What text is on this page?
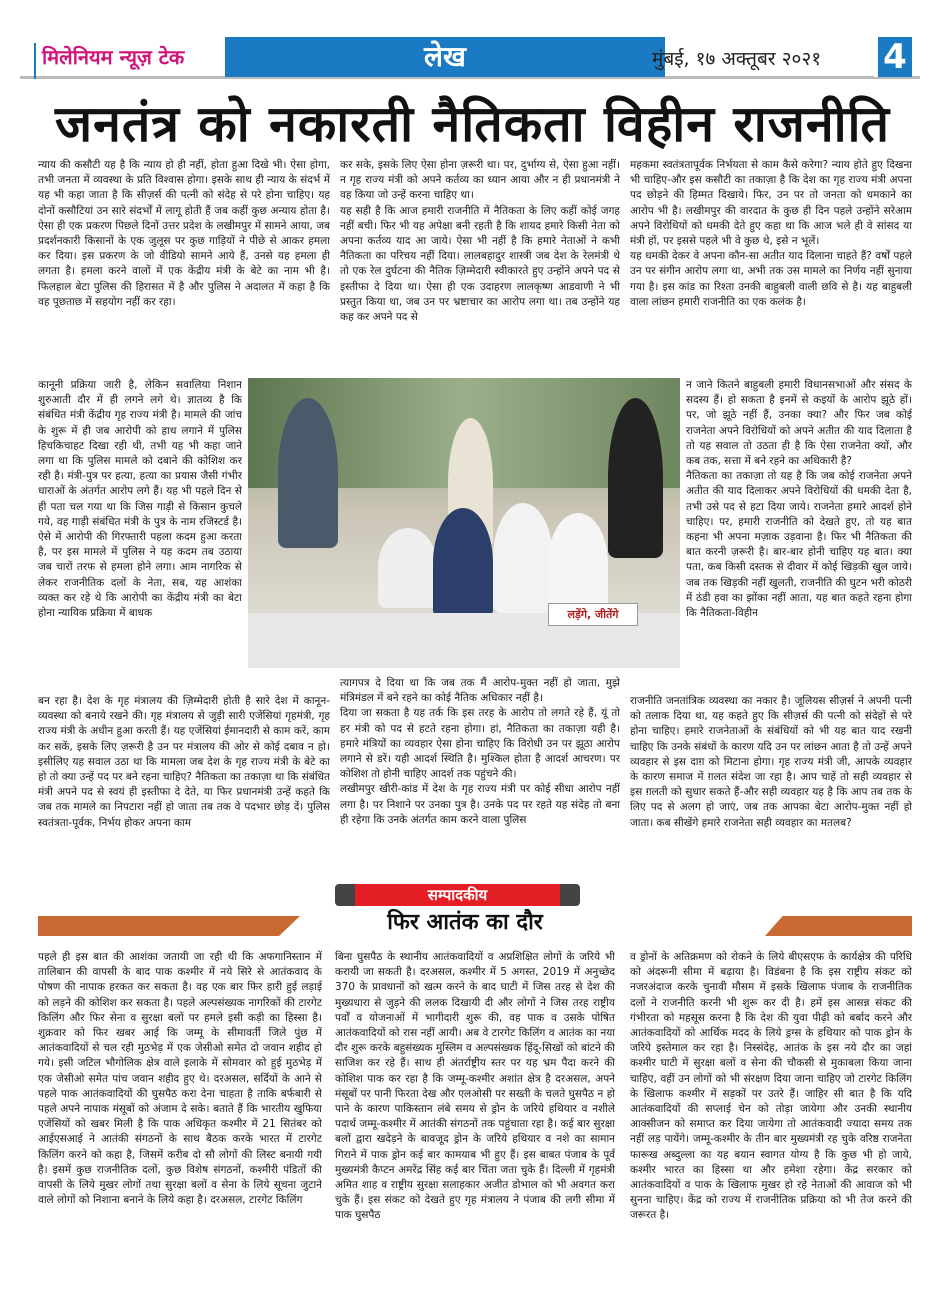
मिलेनियम न्यूज़ टेक	लेख	मुंबई, १७ अक्तूबर २०२१ 4
जनतंत्र को नकारती नैतिकता विहीन राजनीति

न्याय की कसौटी यह है कि न्याय हो ही नहीं, होता हुआ दिखे भी। ऐसा होगा, तभी जनता में व्यवस्था के प्रति विश्वास होगा। इसके साथ ही न्याय के संदर्भ में यह भी कहा जाता है कि सीज़र्स की पत्नी को संदेह से परे होना चाहिए। यह दोनों कसौटियां उन सारे संदर्भों में लागू होती हैं जब कहीं कुछ अन्याय होता है। ऐसा ही एक प्रकरण पिछले दिनों उत्तर प्रदेश के लखीमपुर में सामने आया, जब प्रदर्शनकारी किसानों के एक जुलूस पर कुछ गाड़ियों ने पीछे से आकर हमला कर दिया। इस प्रकरण के जो वीडियो सामने आये हैं, उनसे यह हमला ही लगता है। हमला करने वालों में एक केंद्रीय मंत्री के बेटे का नाम भी है। फिलहाल बेटा पुलिस की हिरासत में है और पुलिस ने अदालत में कहा है कि वह पूछताछ में सहयोग नहीं कर रहा।

कानूनी प्रक्रिया जारी है, लेकिन सवालिया निशान शुरुआती दौर में ही लगने लगे थे। ज्ञातव्य है कि संबंधित मंत्री केंद्रीय गृह राज्य मंत्री है। मामले की जांच के शुरू में ही जब आरोपी को हाथ लगाने में पुलिस हिचकिचाहट दिखा रही थी, तभी यह भी कहा जाने लगा था कि पुलिस मामले को दबाने की कोशिश कर रही है। मंत्री-पुत्र पर हत्या, हत्या का प्रयास जैसी गंभीर धाराओं के अंतर्गत आरोप लगे हैं। यह भी पहले दिन से ही पता चल गया था कि जिस गाड़ी से किसान कुचले गये, वह गाड़ी संबंधित मंत्री के पुत्र के नाम रजिस्टर्ड है। ऐसे में आरोपी की गिरफ्तारी पहला कदम हुआ करता है, पर इस मामले में पुलिस ने यह कदम तब उठाया जब चारों तरफ से हमला होने लगा। आम नागरिक से लेकर राजनीतिक दलों के नेता, सब, यह आशंका व्यक्त कर रहे थे कि आरोपी का केंद्रीय मंत्री का बेटा होना न्यायिक प्रक्रिया में बाधक

बन रहा है। देश के गृह मंत्रालय की ज़िम्मेदारी होती है सारे देश में कानून-व्यवस्था को बनाये रखने की। गृह मंत्रालय से जुड़ी सारी एजेंसियां गृहमंत्री, गृह राज्य मंत्री के अधीन हुआ करती हैं। यह एजेंसियां ईमानदारी से काम करें, काम कर सकें, इसके लिए ज़रूरी है उन पर मंत्रालय की ओर से कोई दबाव न हो। इसीलिए यह सवाल उठा था कि मामला जब देश के गृह राज्य मंत्री के बेटे का हो तो क्या उन्हें पद पर बने रहना चाहिए? नैतिकता का तकाज़ा था कि संबंधित मंत्री अपने पद से स्वयं ही इस्तीफा दे देते, या फिर प्रधानमंत्री उन्हें कहते कि जब तक मामले का निपटारा नहीं हो जाता तब तक वे पदभार छोड़ दें। पुलिस स्वतंत्रता-पूर्वक, निर्भय होकर अपना काम

कर सके, इसके लिए ऐसा होना ज़रूरी था। पर, दुर्भाग्य से, ऐसा हुआ नहीं। न गृह राज्य मंत्री को अपने कर्तव्य का ध्यान आया और न ही प्रधानमंत्री ने वह किया जो उन्हें करना चाहिए था।

यह सही है कि आज हमारी राजनीति में नैतिकता के लिए कहीं कोई जगह नहीं बची। फिर भी यह अपेक्षा बनी रहती है कि शायद हमारे किसी नेता को अपना कर्तव्य याद आ जाये। ऐसा भी नहीं है कि हमारे नेताओं ने कभी नैतिकता का परिचय नहीं दिया। लालबहादुर शास्त्री जब देश के रेलमंत्री थे तो एक रेल दुर्घटना की नैतिक ज़िम्मेदारी स्वीकारते हुए उन्होंने अपने पद से इस्तीफा दे दिया था। ऐसा ही एक उदाहरण लालकृष्ण आडवाणी ने भी प्रस्तुत किया था, जब उन पर भ्रष्टाचार का आरोप लगा था। तब उन्होंने यह कह कर अपने पद से

त्यागपत्र दे दिया था कि जब तक मैं आरोप-मुक्त नहीं हो जाता, मुझे मंत्रिमंडल में बने रहने का कोई नैतिक अधिकार नहीं है।

दिया जा सकता है यह तर्क कि इस तरह के आरोप तो लगते रहे हैं, यूं तो हर मंत्री को पद से हटते रहना होगा। हां, नैतिकता का तकाज़ा यही है। हमारे मंत्रियों का व्यवहार ऐसा होना चाहिए कि विरोधी उन पर झूठा आरोप लगाने से डरें। यही आदर्श स्थिति है। मुश्किल होता है आदर्श आचरण। पर कोशिश तो होनी चाहिए आदर्श तक पहुंचने की।

लखीमपुर खीरी-कांड में देश के गृह राज्य मंत्री पर कोई सीधा आरोप नहीं लगा है। पर निशाने पर उनका पुत्र है। उनके पद पर रहते यह संदेह तो बना ही रहेगा कि उनके अंतर्गत काम करने वाला पुलिस

महकमा स्वतंत्रतापूर्वक निर्भयता से काम कैसे करेगा? न्याय होते हुए दिखना भी चाहिए-और इस कसौटी का तकाज़ा है कि देश का गृह राज्य मंत्री अपना पद छोड़ने की हिम्मत दिखाये। फिर, उन पर तो जनता को धमकाने का आरोप भी है। लखीमपुर की वारदात के कुछ ही दिन पहले उन्होंने सरेआम अपने विरोधियों को धमकी देते हुए कहा था कि आज भले ही वे सांसद या मंत्री हों, पर इससे पहले भी वे कुछ थे, इसे न भूलें।

यह धमकी देकर वे अपना कौन-सा अतीत याद दिलाना चाहते हैं? वर्षों पहले उन पर संगीन आरोप लगा था, अभी तक उस मामले का निर्णय नहीं सुनाया गया है। इस कांड का रिश्ता उनकी बाहुबली वाली छवि से है। यह बाहुबली वाला लांछन हमारी राजनीति का एक कलंक है।

न जाने कितने बाहुबली हमारी विधानसभाओं और संसद के सदस्य हैं। हो सकता है इनमें से कइयों के आरोप झूठे हों। पर, जो झूठे नहीं हैं, उनका क्या? और फिर जब कोई राजनेता अपने विरोधियों को अपने अतीत की याद दिलाता है तो यह सवाल तो उठता ही है कि ऐसा राजनेता क्यों, और कब तक, सत्ता में बने रहने का अधिकारी है?

नैतिकता का तकाज़ा तो यह है कि जब कोई राजनेता अपने अतीत की याद दिलाकर अपने विरोधियों की धमकी देता है, तभी उसे पद से हटा दिया जाये। राजनेता हमारे आदर्श होने चाहिए। पर, हमारी राजनीति को देखते हुए, तो यह बात कहना भी अपना मज़ाक उड़वाना है। फिर भी नैतिकता की बात करनी ज़रूरी है। बार-बार होनी चाहिए यह बात। क्या पता, कब किसी दस्तक से दीवार में कोई खिड़की खुल जाये। जब तक खिड़की नहीं खुलती, राजनीति की घुटन भरी कोठरी में ठंडी हवा का झोंका नहीं आता, यह बात कहते रहना होगा कि नैतिकता-विहीन

राजनीति जनतांत्रिक व्यवस्था का नकार है। जूलियस सीज़र्स ने अपनी पत्नी को तलाक दिया था, यह कहते हुए कि सीज़र्स की पत्नी को संदेहों से परे होना चाहिए। हमारे राजनेताओं के संबंधियों को भी यह बात याद रखनी चाहिए कि उनके संबंधों के कारण यदि उन पर लांछन आता है तो उन्हें अपने व्यवहार से इस दाग़ को मिटाना होगा। गृह राज्य मंत्री जी, आपके व्यवहार के कारण समाज में ग़लत संदेश जा रहा है। आप चाहें तो सही व्यवहार से इस ग़लती को सुधार सकते हैं-और सही व्यवहार यह है कि आप तब तक के लिए पद से अलग हो जाएं, जब तक आपका बेटा आरोप-मुक्त नहीं हो जाता। कब सीखेंगे हमारे राजनेता सही व्यवहार का मतलब?

लड़ेंगे, जीतेंगे
सम्पादकीय
फिर आतंक का दौर

पहले ही इस बात की आशंका जतायी जा रही थी कि अफगानिस्तान में तालिबान की वापसी के बाद पाक कश्मीर में नये सिरे से आतंकवाद के पोषण की नापाक हरकत कर सकता है। वह एक बार फिर हारी हुई लड़ाई को लड़ने की कोशिश कर सकता है। पहले अल्पसंख्यक नागरिकों की टारगेट किलिंग और फिर सेना व सुरक्षा बलों पर हमले इसी कड़ी का हिस्सा है। शुक्रवार को फिर खबर आई कि जम्मू के सीमावर्ती जिले पुंछ में आतंकवादियों से चल रही मुठभेड़ में एक जेसीओ समेत दो जवान शहीद हो गये। इसी जटिल भौगोलिक क्षेत्र वाले इलाके में सोमवार को हुई मुठभेड़ में एक जेसीओ समेत पांच जवान शहीद हुए थे। दरअसल, सर्दियों के आने से पहले पाक आतंकवादियों की घुसपैठ करा देना चाहता है ताकि बर्फबारी से पहले अपने नापाक मंसूबों को अंजाम दे सके। बताते हैं कि भारतीय खुफिया एजेंसियों को खबर मिली है कि पाक अधिकृत कश्मीर में 21 सितंबर को आईएसआई ने आतंकी संगठनों के साथ बैठक करके भारत में टारगेट किलिंग करने को कहा है, जिसमें करीब दो सौ लोगों की लिस्ट बनायी गयी है। इसमें कुछ राजनीतिक दलों, कुछ विशेष संगठनों, कश्मीरी पंडितों की वापसी के लिये मुखर लोगों तथा सुरक्षा बलों व सेना के लिये सूचना जुटाने वाले लोगों को निशाना बनाने के लिये कहा है। दरअसल, टारगेट किलिंग

बिना घुसपैठ के स्थानीय आतंकवादियों व अप्रशिक्षित लोगों के जरिये भी करायी जा सकती है। दरअसल, कश्मीर में 5 अगस्त, 2019 में अनुच्छेद 370 के प्रावधानों को खत्म करने के बाद घाटी में जिस तरह से देश की मुख्यधारा से जुड़ने की ललक दिखायी दी और लोगों ने जिस तरह राष्ट्रीय पर्वों व योजनाओं में भागीदारी शुरू की, वह पाक व उसके पोषित आतंकवादियों को रास नहीं आयी। अब वे टारगेट किलिंग व आतंक का नया दौर शुरू करके बहुसंख्यक मुस्लिम व अल्पसंख्यक हिंदू-सिखों को बांटने की साजिश कर रहे हैं। साथ ही अंतर्राष्ट्रीय स्तर पर यह भ्रम पैदा करने की कोशिश पाक कर रहा है कि जम्मू-कश्मीर अशांत क्षेत्र है दरअसल, अपने मंसूबों पर पानी फिरता देख और एलओसी पर सख्ती के चलते घुसपैठ न हो पाने के कारण पाकिस्तान लंबे समय से ड्रोन के जरिये हथियार व नशीले पदार्थ जम्मू-कश्मीर में आतंकी संगठनों तक पहुंचाता रहा है। कई बार सुरक्षा बलों द्वारा खदेड़ने के बावजूद ड्रोन के जरिये हथियार व नशे का सामान गिराने में पाक ड्रोन कई बार कामयाब भी हुए हैं। इस बाबत पंजाब के पूर्व मुख्यमंत्री कैप्टन अमरेंद्र सिंह कई बार चिंता जता चुके हैं। दिल्ली में गृहमंत्री अमित शाह व राष्ट्रीय सुरक्षा सलाहकार अजीत डोभाल को भी अवगत करा चुके हैं। इस संकट को देखते हुए गृह मंत्रालय ने पंजाब की लगी सीमा में पाक घुसपैठ

व ड्रोनों के अतिक्रमण को रोकने के लिये बीएसएफ के कार्यक्षेत्र की परिधि को अंदरूनी सीमा में बढ़ाया है। विडंबना है कि इस राष्ट्रीय संकट को नजरअंदाज करके चुनावी मौसम में इसके खिलाफ पंजाब के राजनीतिक दलों ने राजनीति करनी भी शुरू कर दी है। हमें इस आसन्न संकट की गंभीरता को महसूस करना है कि देश की युवा पीढ़ी को बर्बाद करने और आतंकवादियों को आर्थिक मदद के लिये ड्रग्स के हथियार को पाक ड्रोन के जरिये इस्तेमाल कर रहा है। निस्संदेह, आतंक के इस नये दौर का जहां कश्मीर घाटी में सुरक्षा बलों व सेना की चौकसी से मुकाबला किया जाना चाहिए, वहीं उन लोगों को भी संरक्षण दिया जाना चाहिए जो टारगेट किलिंग के खिलाफ कश्मीर में सड़कों पर उतरे हैं। जाहिर सी बात है कि यदि आतंकवादियों की सप्लाई चेन को तोड़ा जायेगा और उनकी स्थानीय आक्सीजन को समाप्त कर दिया जायेगा तो आतंकवादी ज्यादा समय तक नहीं लड़ पायेंगे। जम्मू-कश्मीर के तीन बार मुख्यमंत्री रह चुके वरिष्ठ राजनेता फारूख अब्दुल्ला का यह बयान स्वागत योग्य है कि कुछ भी हो जाये, कश्मीर भारत का हिस्सा था और हमेशा रहेगा। केंद्र सरकार को आतंकवादियों व पाक के खिलाफ मुखर हो रहे नेताओं की आवाज को भी सुनना चाहिए। केंद्र को राज्य में राजनीतिक प्रक्रिया को भी तेज करने की जरूरत है।
